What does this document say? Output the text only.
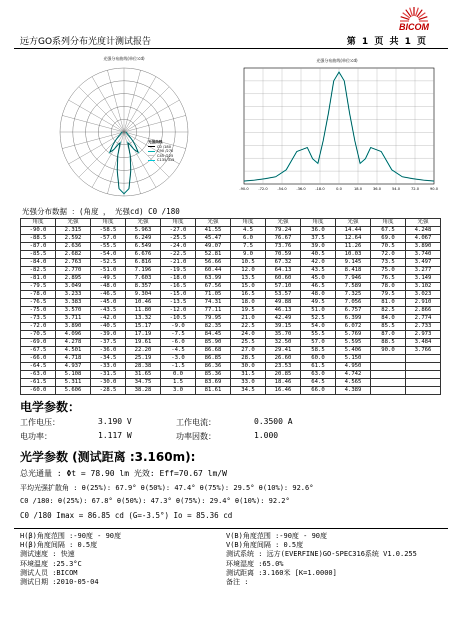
BICOM
远方GO系列分布光度计测试报告	第 1 页 共 1 页
光强分布曲线(单位:cd)
光强曲线
C0 /180
C90 /270
C45 /225
C135/315
光强分布曲线(单位:cd)
-90.0	-72.0	-54.0	-36.0	-18.0	0.0	18.0	36.0	54.0	72.0	90.0
光强分布数据 ：(角度 ， 光强cd) C0 /180
角度	光强	角度	光强	角度	光强	角度	光强	角度	光强	角度	光强
-90.0	2.315	-58.5	5.963	-27.0	41.55	4.5	79.24	36.0	14.44	67.5	4.248
-88.5	2.592	-57.0	6.249	-25.5	45.47	6.0	76.67	37.5	12.64	69.0	4.067
-87.0	2.636	-55.5	6.549	-24.0	49.07	7.5	73.76	39.0	11.26	70.5	3.890
-85.5	2.682	-54.0	6.676	-22.5	52.81	9.0	70.59	40.5	10.03	72.0	3.740
-84.0	2.763	-52.5	6.816	-21.0	56.66	10.5	67.32	42.0	9.145	73.5	3.497
-82.5	2.770	-51.0	7.196	-19.5	60.44	12.0	64.13	43.5	8.418	75.0	3.277
-81.0	2.895	-49.5	7.603	-18.0	63.99	13.5	60.60	45.0	7.946	76.5	3.149
-79.5	3.049	-48.0	8.357	-16.5	67.56	15.0	57.10	46.5	7.589	78.0	3.102
-78.0	3.233	-46.5	9.304	-15.0	71.05	16.5	53.57	48.0	7.325	79.5	3.023
-76.5	3.383	-45.0	10.46	-13.5	74.31	18.0	49.88	49.5	7.056	81.0	2.910
-75.0	3.570	-43.5	11.80	-12.0	77.11	19.5	46.13	51.0	6.757	82.5	2.866
-73.5	3.711	-42.0	13.32	-10.5	79.95	21.0	42.49	52.5	6.399	84.0	2.774
-72.0	3.890	-40.5	15.17	-9.0	82.35	22.5	39.15	54.0	6.072	85.5	2.733
-70.5	4.096	-39.0	17.19	-7.5	84.45	24.0	35.70	55.5	5.769	87.0	2.973
-69.0	4.278	-37.5	19.61	-6.0	85.90	25.5	32.50	57.0	5.595	88.5	3.484
-67.5	4.501	-36.0	22.20	-4.5	86.68	27.0	29.41	58.5	5.406	90.0	3.766
-66.0	4.718	-34.5	25.19	-3.0	86.85	28.5	26.60	60.0	5.150		
-64.5	4.937	-33.0	28.38	-1.5	86.36	30.0	23.53	61.5	4.950		
-63.0	5.108	-31.5	31.65	0.0	85.36	31.5	20.85	63.0	4.742		
-61.5	5.311	-30.0	34.75	1.5	83.69	33.0	18.46	64.5	4.565		
-60.0	5.606	-28.5	38.28	3.0	81.61	34.5	16.46	66.0	4.389		
电学参数：
工作电压：	3.190 V	工作电流：	0.3500 A
电功率：	1.117 W	功率因数：	1.000
光学参数 (测试距离 :3.160m):
总光通量 : Φt = 78.90 lm 光效: Eff=70.67 lm/W
平均光强扩散角 : θ(25%): 67.9° θ(50%): 47.4° θ(75%): 29.5° θ(10%): 92.6°
C0 /180: θ(25%): 67.8° θ(50%): 47.3° θ(75%): 29.4° θ(10%): 92.2°
C0 /180 Imax = 86.85 cd (G=-3.5°) Io = 85.36 cd
H(β)角度范围 :-90度 - 90度
H(β)角度间隔 : 0.5度
测试速度 : 快速
环境温度 :25.3°C
测试人员 :BICOM
测试日期 :2010-05-04
V(B)角度范围 :-90度 - 90度
V(B)角度间隔 : 0.5度
测试系统 : 远方(EVERFINE)GO-SPEC316系统 V1.0.255
环境湿度 :65.0%
测试距离 :3.160米 [K=1.0000]
备注 :
